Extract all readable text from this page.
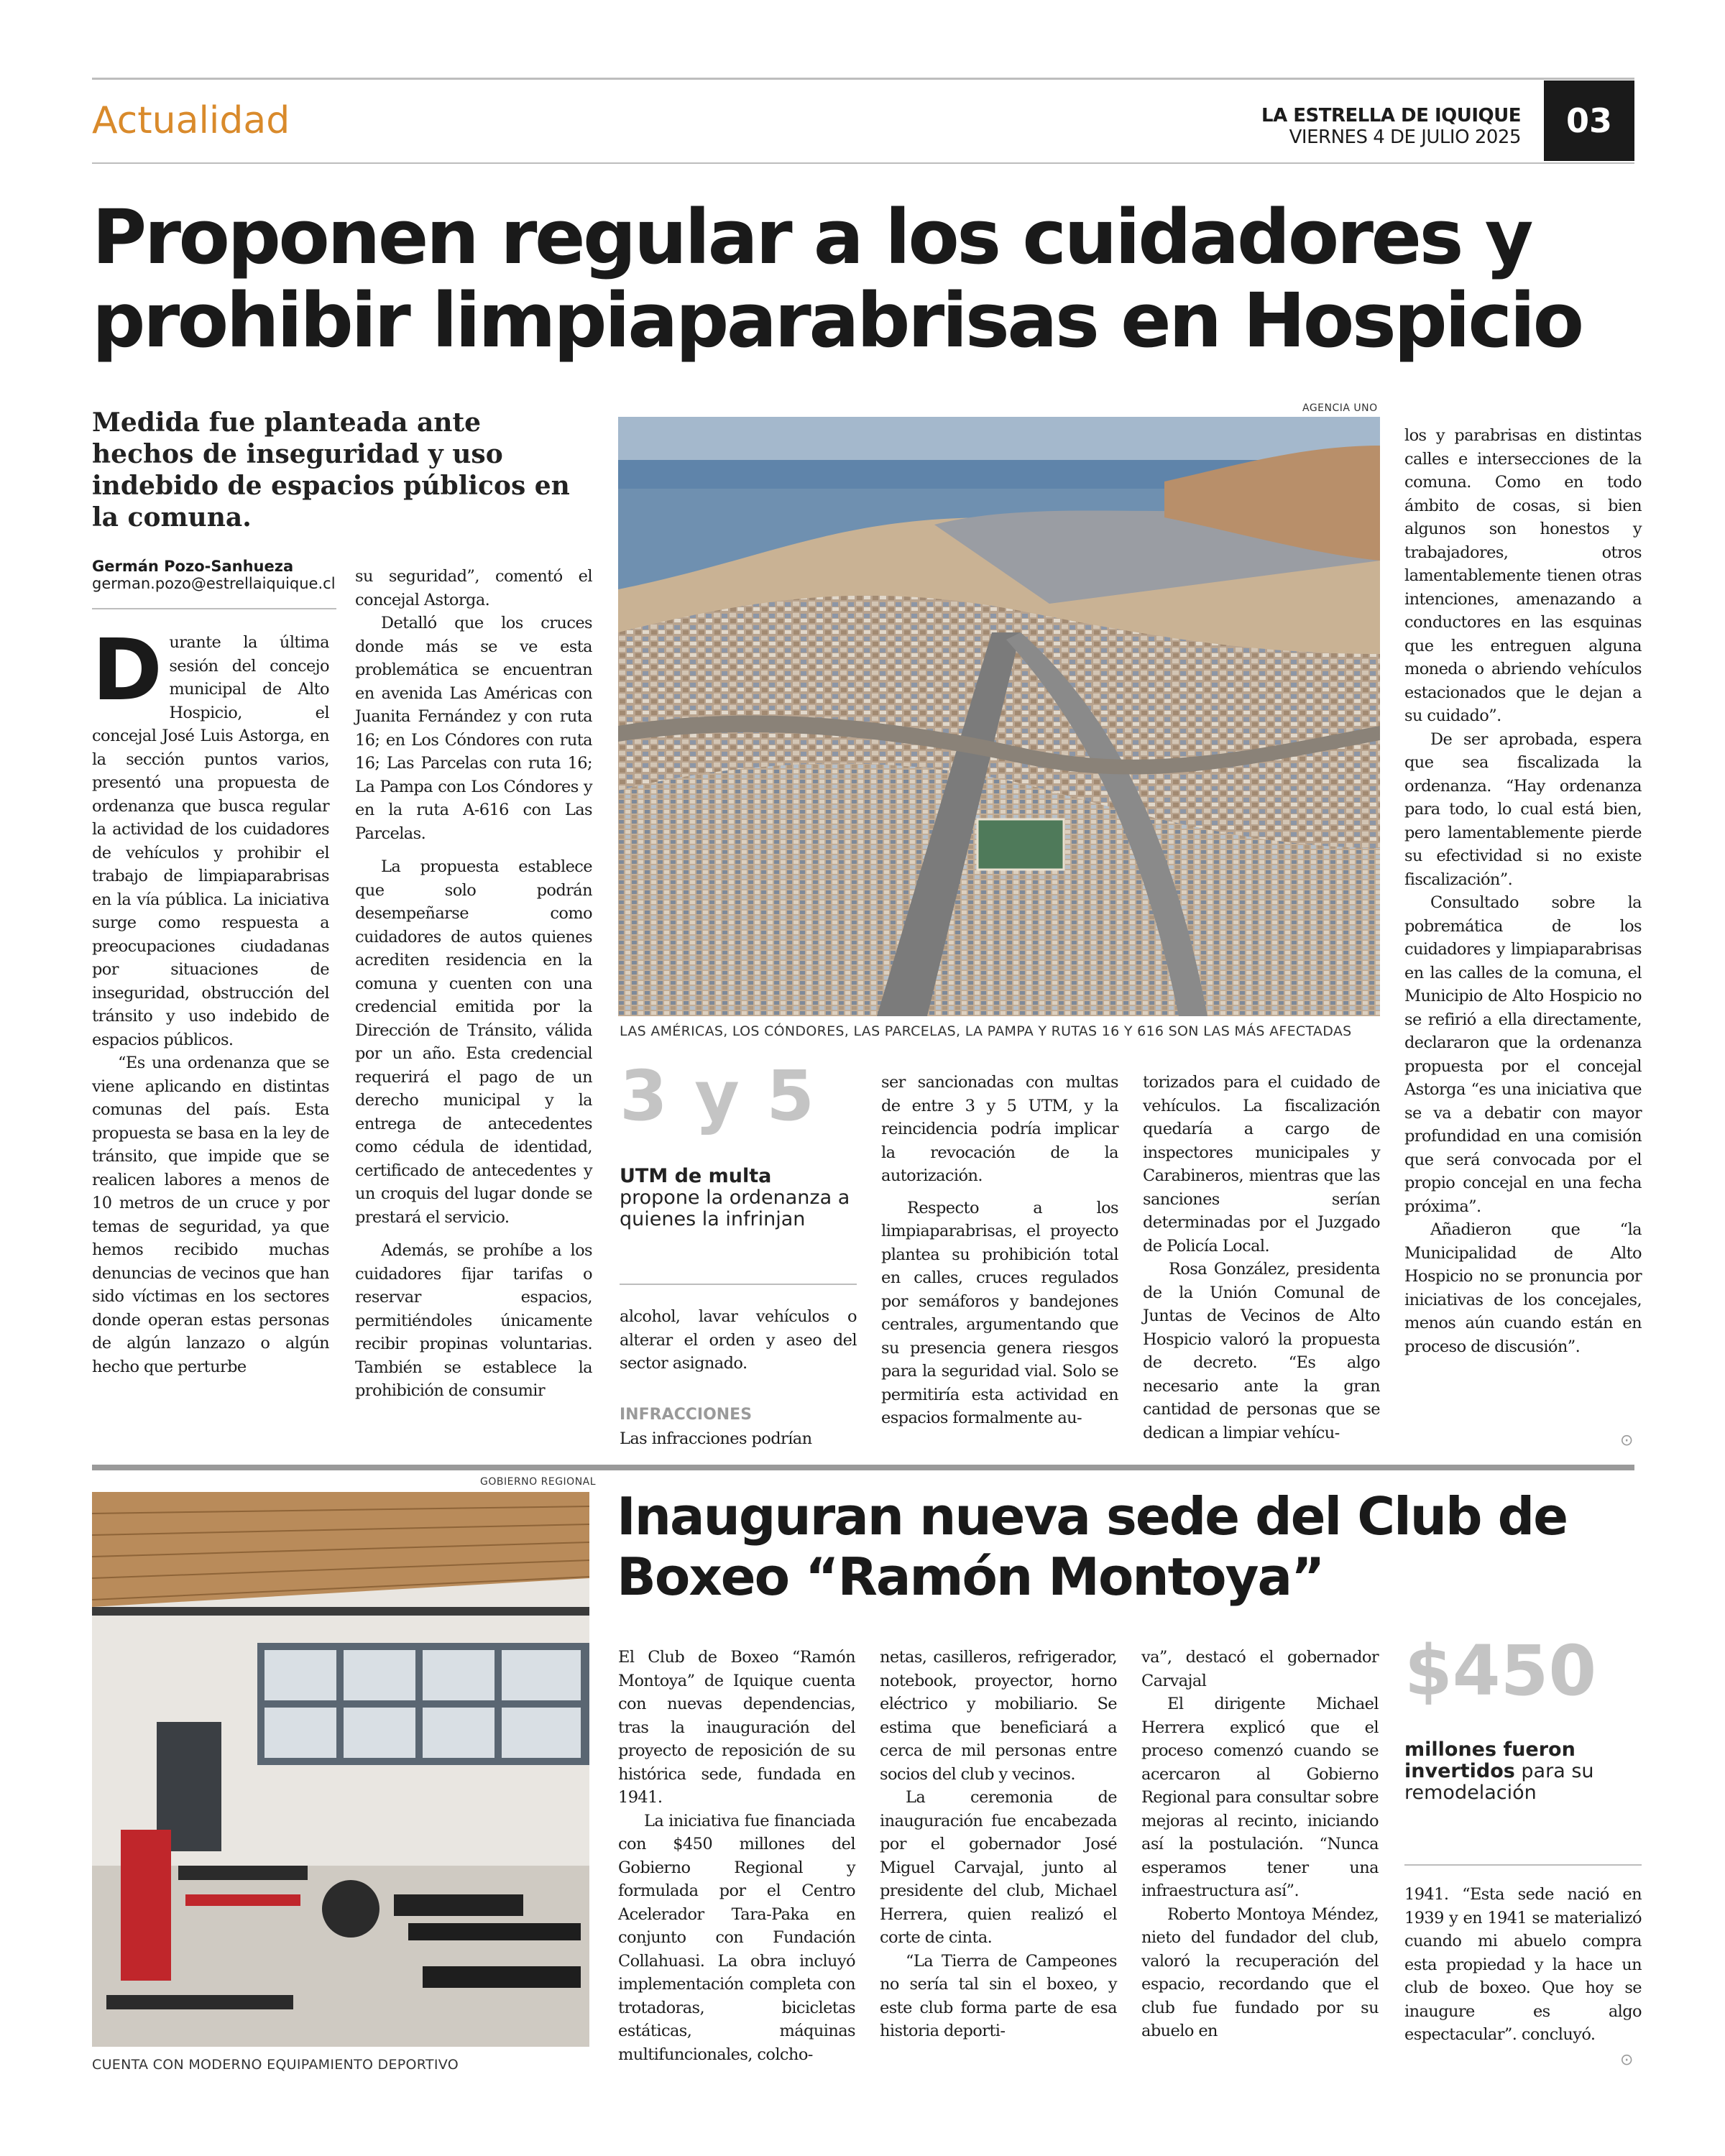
Actualidad	LA ESTRELLA DE IQUIQUE
VIERNES 4 DE JULIO 2025	03
Proponen regular a los cuidadores y prohibir limpiaparabrisas en Hospicio
Medida fue planteada ante hechos de inseguridad y uso indebido de espacios públicos en la comuna.
Germán Pozo-Sanhueza
german.pozo@estrellaiquique.cl

Durante la última sesión del concejo municipal de Alto Hospicio, el concejal José Luis Astorga, en la sección puntos varios, presentó una propuesta de ordenanza que busca regular la actividad de los cuidadores de vehículos y prohibir el trabajo de limpiaparabrisas en la vía pública. La iniciativa surge como respuesta a preocupaciones ciudadanas por situaciones de inseguridad, obstrucción del tránsito y uso indebido de espacios públicos.

“Es una ordenanza que se viene aplicando en distintas comunas del país. Esta propuesta se basa en la ley de tránsito, que impide que se realicen labores a menos de 10 metros de un cruce y por temas de seguridad, ya que hemos recibido muchas denuncias de vecinos que han sido víctimas en los sectores donde operan estas personas de algún lanzazo o algún hecho que perturbe

su seguridad”, comentó el concejal Astorga.

Detalló que los cruces donde más se ve esta problemática se encuentran en avenida Las Américas con Juanita Fernández y con ruta 16; en Los Cóndores con ruta 16; Las Parcelas con ruta 16; La Pampa con Los Cóndores y en la ruta A-616 con Las Parcelas.

La propuesta establece que solo podrán desempeñarse como cuidadores de autos quienes acrediten residencia en la comuna y cuenten con una credencial emitida por la Dirección de Tránsito, válida por un año. Esta credencial requerirá el pago de un derecho municipal y la entrega de antecedentes como cédula de identidad, certificado de antecedentes y un croquis del lugar donde se prestará el servicio.

Además, se prohíbe a los cuidadores fijar tarifas o reservar espacios, permitiéndoles únicamente recibir propinas voluntarias. También se establece la prohibición de consumir

AGENCIA UNO
LAS AMÉRICAS, LOS CÓNDORES, LAS PARCELAS, LA PAMPA Y RUTAS 16 Y 616 SON LAS MÁS AFECTADAS
3 y 5
UTM de multa propone la ordenanza a quienes la infrinjan

alcohol, lavar vehículos o alterar el orden y aseo del sector asignado.

INFRACCIONES

Las infracciones podrían

ser sancionadas con multas de entre 3 y 5 UTM, y la reincidencia podría implicar la revocación de la autorización.

Respecto a los limpiaparabrisas, el proyecto plantea su prohibición total en calles, cruces regulados por semáforos y bandejones centrales, argumentando que su presencia genera riesgos para la seguridad vial. Solo se permitiría esta actividad en espacios formalmente au-

torizados para el cuidado de vehículos. La fiscalización quedaría a cargo de inspectores municipales y Carabineros, mientras que las sanciones serían determinadas por el Juzgado de Policía Local.

Rosa González, presidenta de la Unión Comunal de Juntas de Vecinos de Alto Hospicio valoró la propuesta de decreto. “Es algo necesario ante la gran cantidad de personas que se dedican a limpiar vehícu-

los y parabrisas en distintas calles e intersecciones de la comuna. Como en todo ámbito de cosas, si bien algunos son honestos y trabajadores, otros lamentablemente tienen otras intenciones, amenazando a conductores en las esquinas que les entreguen alguna moneda o abriendo vehículos estacionados que le dejan a su cuidado”.

De ser aprobada, espera que sea fiscalizada la ordenanza. “Hay ordenanza para todo, lo cual está bien, pero lamentablemente pierde su efectividad si no existe fiscalización”.

Consultado sobre la pobremática de los cuidadores y limpiaparabrisas en las calles de la comuna, el Municipio de Alto Hospicio no se refirió a ella directamente, declararon que la ordenanza propuesta por el concejal Astorga “es una iniciativa que se va a debatir con mayor profundidad en una comisión que será convocada por el propio concejal en una fecha próxima”.

Añadieron que “la Municipalidad de Alto Hospicio no se pronuncia por iniciativas de los concejales, menos aún cuando están en proceso de discusión”.

⊙
GOBIERNO REGIONAL
CUENTA CON MODERNO EQUIPAMIENTO DEPORTIVO
Inauguran nueva sede del Club de Boxeo “Ramón Montoya”

El Club de Boxeo “Ramón Montoya” de Iquique cuenta con nuevas dependencias, tras la inauguración del proyecto de reposición de su histórica sede, fundada en 1941.

La iniciativa fue financiada con $450 millones del Gobierno Regional y formulada por el Centro Acelerador Tara-Paka en conjunto con Fundación Collahuasi. La obra incluyó implementación completa con trotadoras, bicicletas estáticas, máquinas multifuncionales, colcho-

netas, casilleros, refrigerador, notebook, proyector, horno eléctrico y mobiliario. Se estima que beneficiará a cerca de mil personas entre socios del club y vecinos.

La ceremonia de inauguración fue encabezada por el gobernador José Miguel Carvajal, junto al presidente del club, Michael Herrera, quien realizó el corte de cinta.

“La Tierra de Campeones no sería tal sin el boxeo, y este club forma parte de esa historia deporti-

va”, destacó el gobernador Carvajal

El dirigente Michael Herrera explicó que el proceso comenzó cuando se acercaron al Gobierno Regional para consultar sobre mejoras al recinto, iniciando así la postulación. “Nunca esperamos tener una infraestructura así”.

Roberto Montoya Méndez, nieto del fundador del club, valoró la recuperación del espacio, recordando que el club fue fundado por su abuelo en

$450
millones fueron invertidos para su remodelación

1941. “Esta sede nació en 1939 y en 1941 se materializó cuando mi abuelo compra esta propiedad y la hace un club de boxeo. Que hoy se inaugure es algo espectacular”. concluyó.

⊙
